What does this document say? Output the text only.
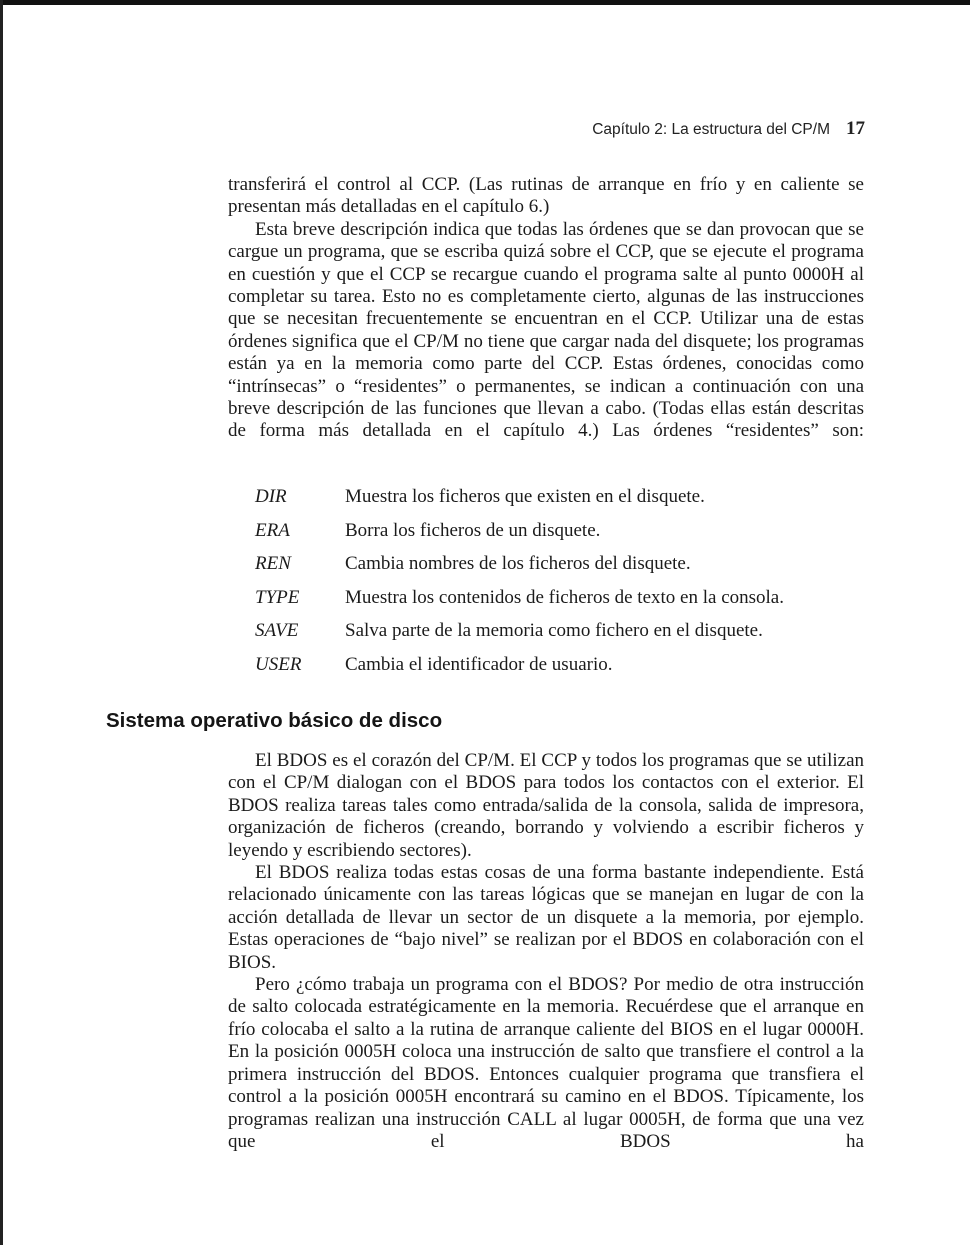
Capítulo 2: La estructura del CP/M 17

transferirá el control al CCP. (Las rutinas de arranque en frío y en caliente se presentan más detalladas en el capítulo 6.)

Esta breve descripción indica que todas las órdenes que se dan provocan que se cargue un programa, que se escriba quizá sobre el CCP, que se ejecute el programa en cuestión y que el CCP se recargue cuando el programa salte al punto 0000H al completar su tarea. Esto no es completamente cierto, algunas de las instrucciones que se necesitan frecuentemente se encuentran en el CCP. Utilizar una de estas órdenes significa que el CP/M no tiene que cargar nada del disquete; los programas están ya en la memoria como parte del CCP. Estas órdenes, conocidas como “intrínsecas” o “residentes” o permanentes, se indican a continuación con una breve descripción de las funciones que llevan a cabo. (Todas ellas están descritas de forma más detallada en el capítulo 4.) Las órdenes “residentes” son:

DIR	Muestra los ficheros que existen en el disquete.
ERA	Borra los ficheros de un disquete.
REN	Cambia nombres de los ficheros del disquete.
TYPE Muestra los contenidos de ficheros de texto en la consola.
SAVE Salva parte de la memoria como fichero en el disquete.
USER Cambia el identificador de usuario.
Sistema operativo básico de disco

El BDOS es el corazón del CP/M. El CCP y todos los programas que se utilizan con el CP/M dialogan con el BDOS para todos los contactos con el exterior. El BDOS realiza tareas tales como entrada/salida de la consola, salida de impresora, organización de ficheros (creando, borrando y volviendo a escribir ficheros y leyendo y escribiendo sectores).

El BDOS realiza todas estas cosas de una forma bastante independiente. Está relacionado únicamente con las tareas lógicas que se manejan en lugar de con la acción detallada de llevar un sector de un disquete a la memoria, por ejemplo. Estas operaciones de “bajo nivel” se realizan por el BDOS en colaboración con el BIOS.

Pero ¿cómo trabaja un programa con el BDOS? Por medio de otra instrucción de salto colocada estratégicamente en la memoria. Recuérdese que el arranque en frío colocaba el salto a la rutina de arranque caliente del BIOS en el lugar 0000H. En la posición 0005H coloca una instrucción de salto que transfiere el control a la primera instrucción del BDOS. Entonces cualquier programa que transfiera el control a la posición 0005H encontrará su camino en el BDOS. Típicamente, los programas realizan una instrucción CALL al lugar 0005H, de forma que una vez que el BDOS ha
